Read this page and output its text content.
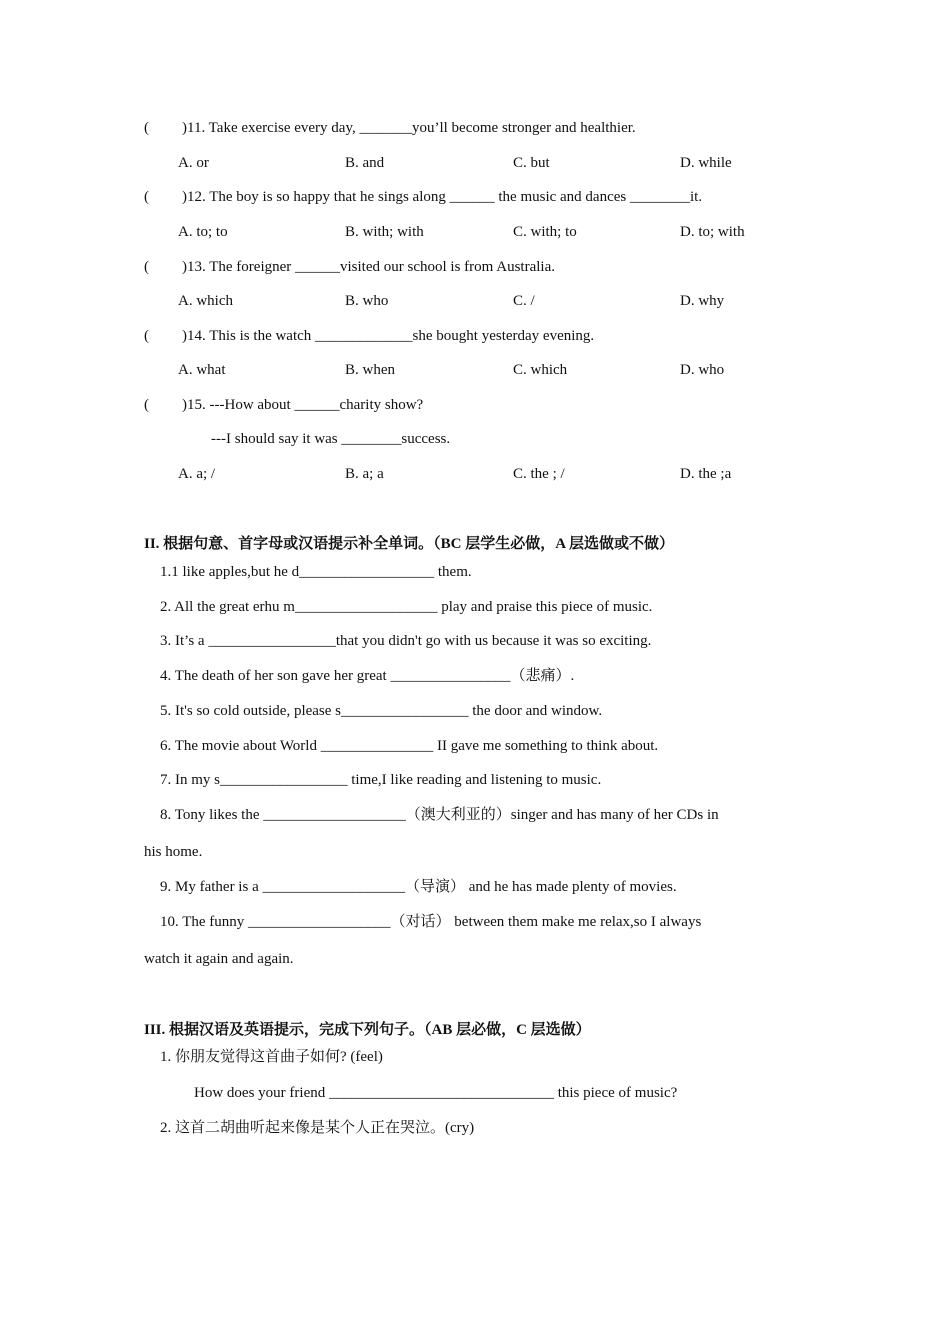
( )11. Take exercise every day, _______you’ll become stronger and healthier.
A. or	B. and	C. but	D. while
( )12. The boy is so happy that he sings along ______ the music and dances ________it.
A. to; to	B. with; with	C. with; to	D. to; with
( )13. The foreigner ______visited our school is from Australia.
A. which	B. who	C. /	D. why
( )14. This is the watch _____________she bought yesterday evening.
A. what	B. when	C. which	D. who
( )15. ---How about ______charity show?
---I should say it was ________success.
A. a; /	B. a; a	C. the ; /	D. the ;a
II. 根据句意、首字母或汉语提示补全单词。（BC 层学生必做，A 层选做或不做）
1.1 like apples,but he d__________________ them.
2. All the great erhu m___________________ play and praise this piece of music.
3. It’s a _________________that you didn't go with us because it was so exciting.
4. The death of her son gave her great ________________（悲痛）.
5. It's so cold outside, please s_________________ the door and window.
6. The movie about World _______________ II gave me something to think about.
7. In my s_________________ time,I like reading and listening to music.
8. Tony likes the ___________________（澳大利亚的）singer and has many of her CDs in
his home.
9. My father is a ___________________（导演） and he has made plenty of movies.
10. The funny ___________________（对话） between them make me relax,so I always
watch it again and again.
III. 根据汉语及英语提示，完成下列句子。（AB 层必做，C 层选做）
1. 你朋友觉得这首曲子如何? (feel)
How does your friend ______________________________ this piece of music?
2. 这首二胡曲听起来像是某个人正在哭泣。(cry)
